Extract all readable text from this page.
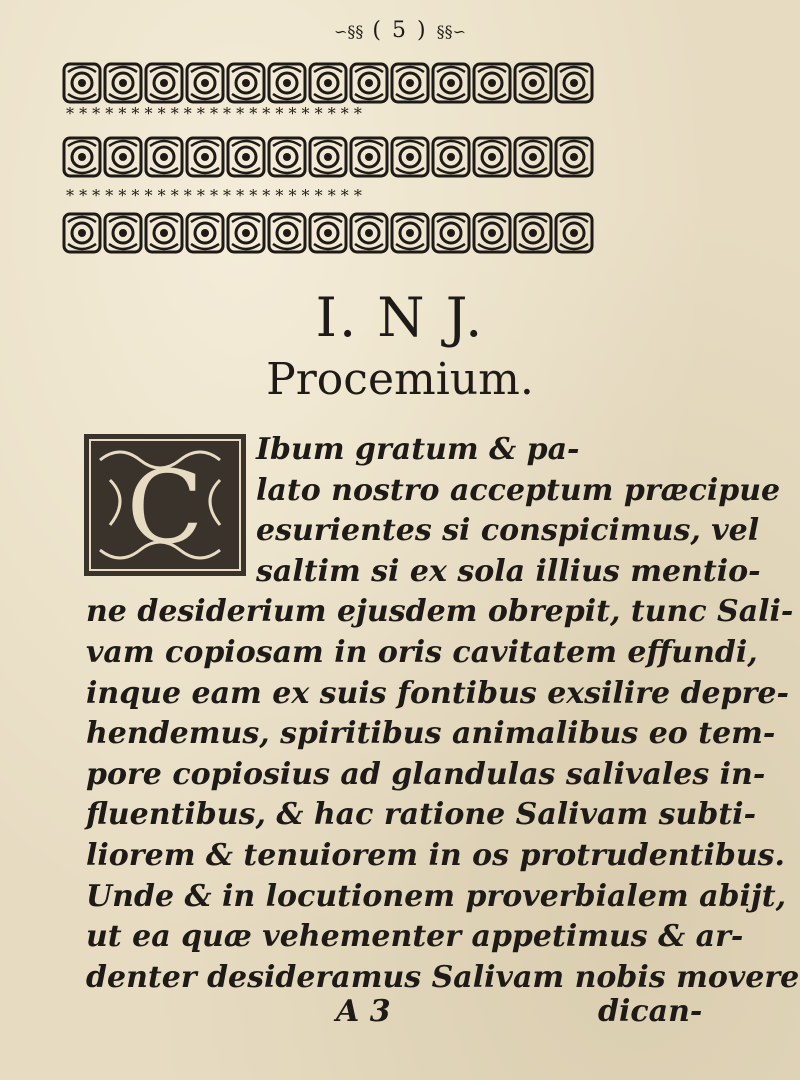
∽§§ ( 5 ) §§∽
* * * * * * * * * * * * * * * * * * * * * * *
* * * * * * * * * * * * * * * * * * * * * * *
I. N J.
Procemium.
C	Ibum gratum & pa-
lato nostro acceptum præcipue
esurientes si conspicimus, vel
saltim si ex sola illius mentio-
ne desiderium ejusdem obrepit, tunc Sali-
vam copiosam in oris cavitatem effundi,
inque eam ex suis fontibus exsilire depre-
hendemus, spiritibus animalibus eo tem-
pore copiosius ad glandulas salivales in-
fluentibus, & hac ratione Salivam subti-
liorem & tenuiorem in os protrudentibus.
Unde & in locutionem proverbialem abijt,
ut ea quæ vehementer appetimus & ar-
denter desideramus Salivam nobis movere
A 3	dican-
